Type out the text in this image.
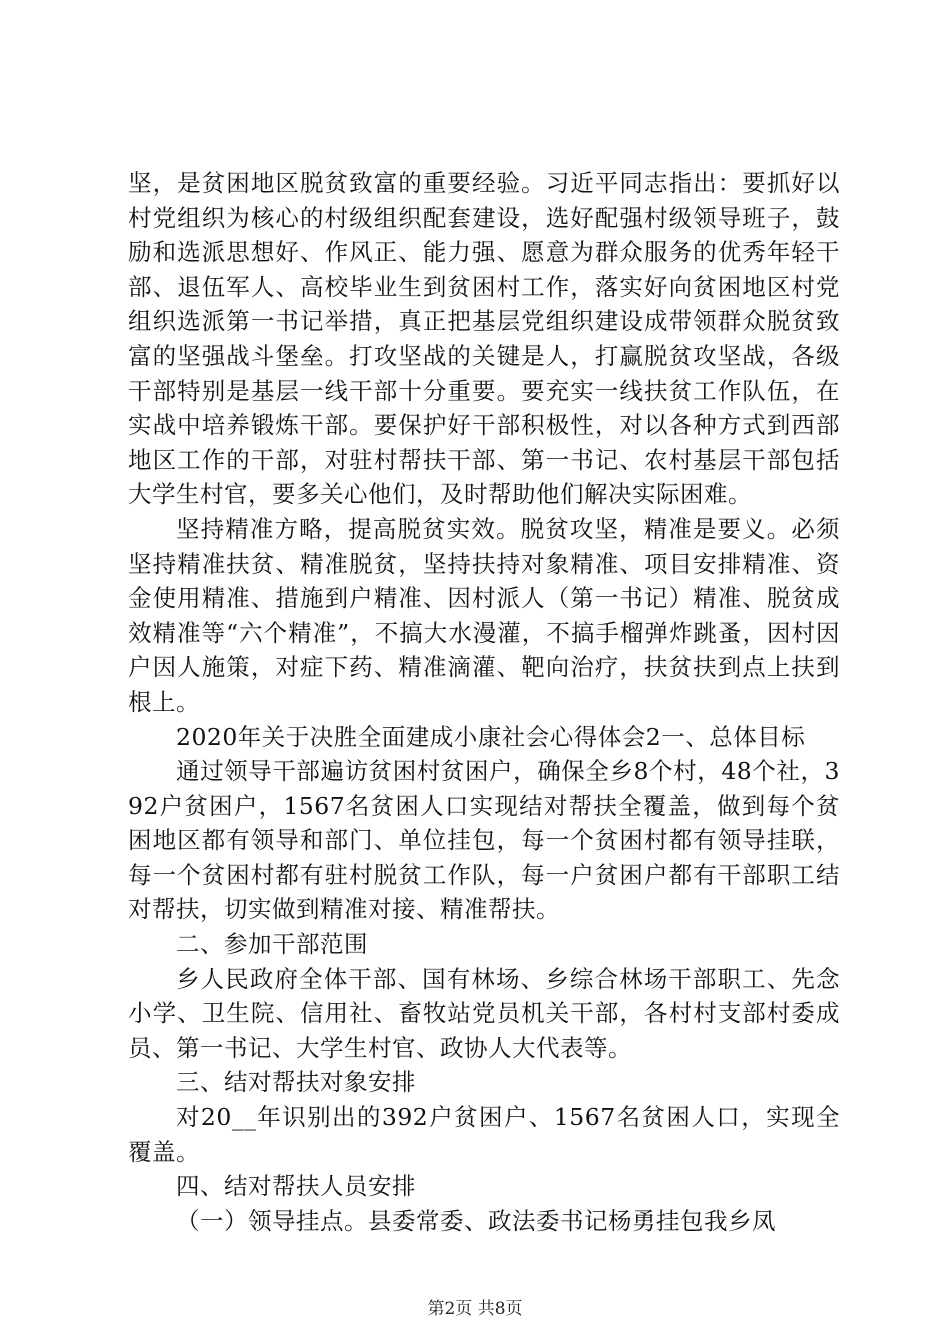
坚，是贫困地区脱贫致富的重要经验。习近平同志指出：要抓好以村党组织为核心的村级组织配套建设，选好配强村级领导班子，鼓励和选派思想好、作风正、能力强、愿意为群众服务的优秀年轻干部、退伍军人、高校毕业生到贫困村工作，落实好向贫困地区村党组织选派第一书记举措，真正把基层党组织建设成带领群众脱贫致富的坚强战斗堡垒。打攻坚战的关键是人，打赢脱贫攻坚战，各级干部特别是基层一线干部十分重要。要充实一线扶贫工作队伍，在实战中培养锻炼干部。要保护好干部积极性，对以各种方式到西部地区工作的干部，对驻村帮扶干部、第一书记、农村基层干部包括大学生村官，要多关心他们，及时帮助他们解决实际困难。

坚持精准方略，提高脱贫实效。脱贫攻坚，精准是要义。必须坚持精准扶贫、精准脱贫，坚持扶持对象精准、项目安排精准、资金使用精准、措施到户精准、因村派人（第一书记）精准、脱贫成效精准等“六个精准”，不搞大水漫灌，不搞手榴弹炸跳蚤，因村因户因人施策，对症下药、精准滴灌、靶向治疗，扶贫扶到点上扶到根上。

2020年关于决胜全面建成小康社会心得体会2一、总体目标

通过领导干部遍访贫困村贫困户，确保全乡8个村，48个社，392户贫困户，1567名贫困人口实现结对帮扶全覆盖，做到每个贫困地区都有领导和部门、单位挂包，每一个贫困村都有领导挂联，每一个贫困村都有驻村脱贫工作队，每一户贫困户都有干部职工结对帮扶，切实做到精准对接、精准帮扶。

二、参加干部范围

乡人民政府全体干部、国有林场、乡综合林场干部职工、先念小学、卫生院、信用社、畜牧站党员机关干部，各村村支部村委成员、第一书记、大学生村官、政协人大代表等。

三、结对帮扶对象安排

对20__年识别出的392户贫困户、1567名贫困人口，实现全覆盖。

四、结对帮扶人员安排

（一）领导挂点。县委常委、政法委书记杨勇挂包我乡凤

第2页 共8页
